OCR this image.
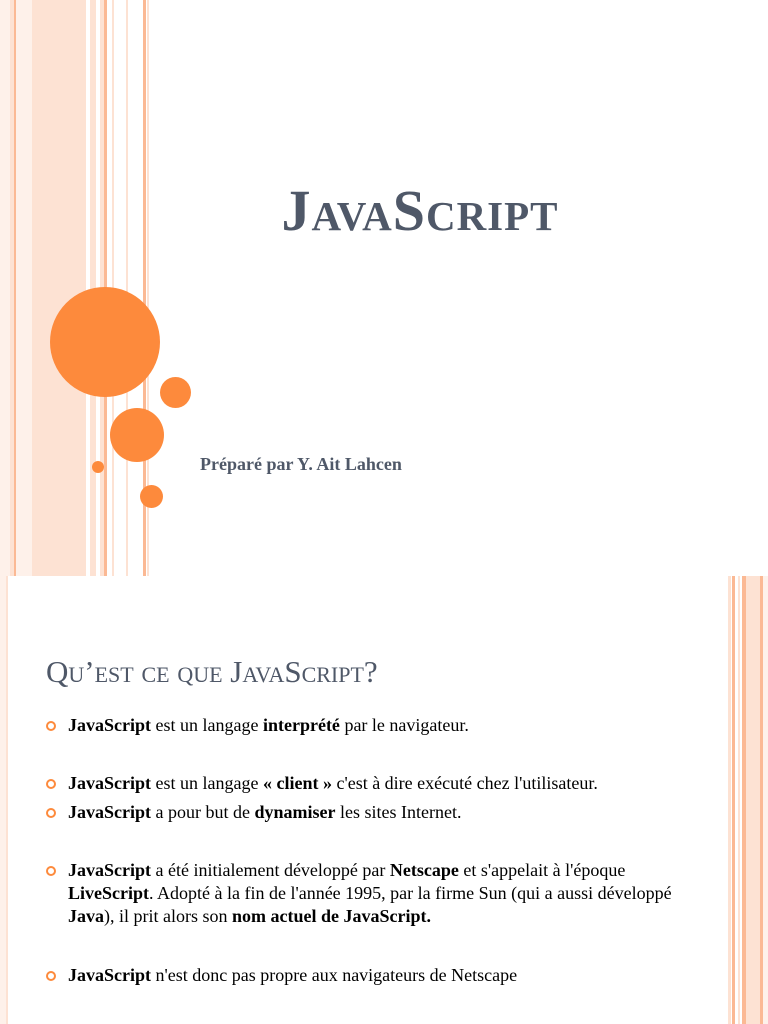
JavaScript
Préparé par Y. Ait Lahcen
Qu’est ce que JavaScript?
JavaScript est un langage interprété par le navigateur.
JavaScript est un langage « client » c'est à dire exécuté chez l'utilisateur.
JavaScript a pour but de dynamiser les sites Internet.
JavaScript a été initialement développé par Netscape et s'appelait à l'époque LiveScript. Adopté à la fin de l'année 1995, par la firme Sun (qui a aussi développé Java), il prit alors son nom actuel de JavaScript.
JavaScript n'est donc pas propre aux navigateurs de Netscape
